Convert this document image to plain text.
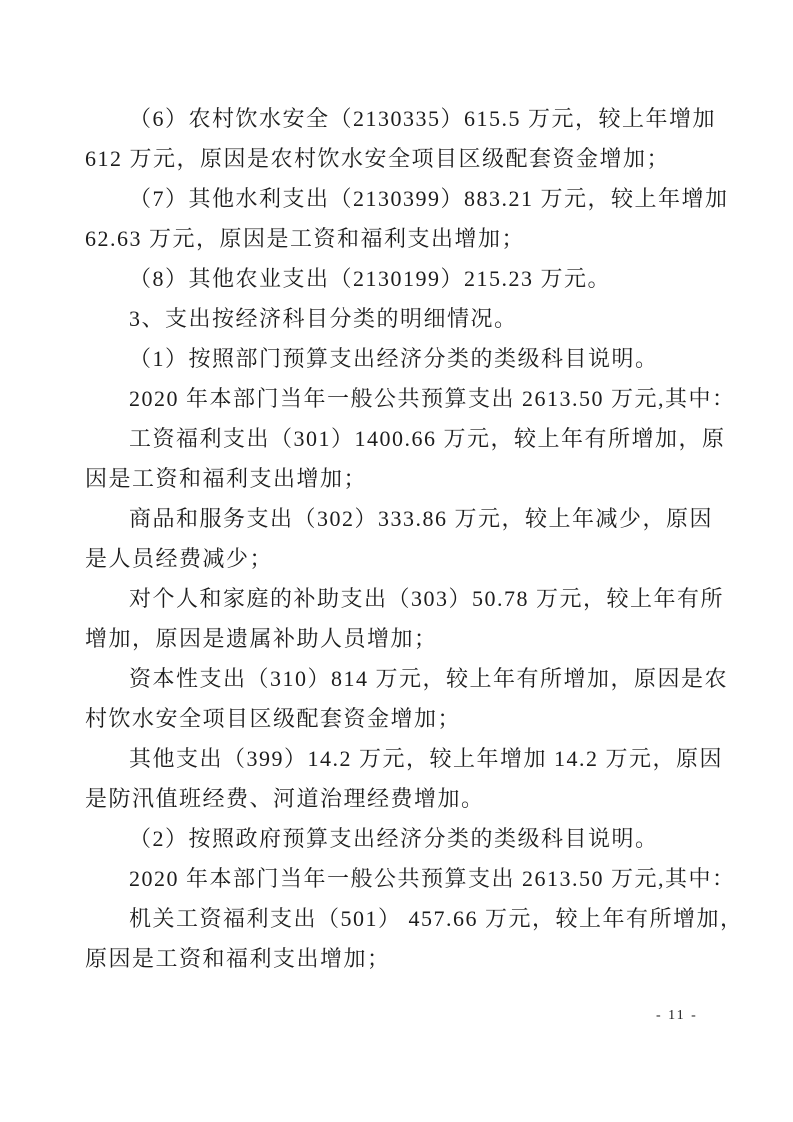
（6）农村饮水安全（2130335）615.5 万元，较上年增加
612 万元，原因是农村饮水安全项目区级配套资金增加；
（7）其他水利支出（2130399）883.21 万元，较上年增加
62.63 万元，原因是工资和福利支出增加；
（8）其他农业支出（2130199）215.23 万元。
3、支出按经济科目分类的明细情况。
（1）按照部门预算支出经济分类的类级科目说明。
2020 年本部门当年一般公共预算支出 2613.50 万元,其中：
工资福利支出（301）1400.66 万元，较上年有所增加，原
因是工资和福利支出增加；
商品和服务支出（302）333.86 万元，较上年减少，原因
是人员经费减少；
对个人和家庭的补助支出（303）50.78 万元，较上年有所
增加，原因是遗属补助人员增加；
资本性支出（310）814 万元，较上年有所增加，原因是农
村饮水安全项目区级配套资金增加；
其他支出（399）14.2 万元，较上年增加 14.2 万元，原因
是防汛值班经费、河道治理经费增加。
（2）按照政府预算支出经济分类的类级科目说明。
2020 年本部门当年一般公共预算支出 2613.50 万元,其中：
机关工资福利支出（501） 457.66 万元，较上年有所增加，
原因是工资和福利支出增加；
- 11 -
